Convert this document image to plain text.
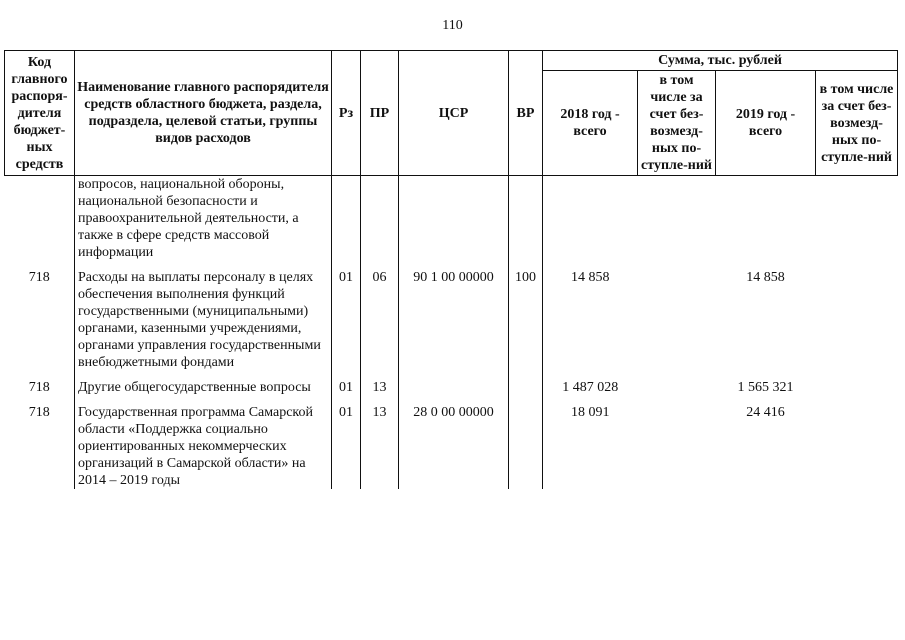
110
Код главного распоря-дителя бюджет-ных средств	Наименование главного распорядителя средств областного бюджета, раздела, подраздела, целевой статьи, группы видов расходов	Рз	ПР	ЦСР	ВР	Сумма, тыс. рублей			
						2018 год - всего	в том числе за счет без-возмезд-ных по-ступле-ний	2019 год - всего	в том числе за счет без-возмезд-ных по-ступле-ний
	вопросов, национальной обороны, национальной безопасности и правоохранительной деятельности, а также в сфере средств массовой информации								
718	Расходы на выплаты персоналу в целях обеспечения выполнения функций государственными (муниципальными) органами, казенными учреждениями, органами управления государственными внебюджетными фондами	01	06	90 1 00 00000	100	14 858		14 858	
718	Другие общегосударственные вопросы	01	13			1 487 028		1 565 321	
718	Государственная программа Самарской области «Поддержка социально ориентированных некоммерческих организаций в Самарской области» на 2014 – 2019 годы	01	13	28 0 00 00000		18 091		24 416	
